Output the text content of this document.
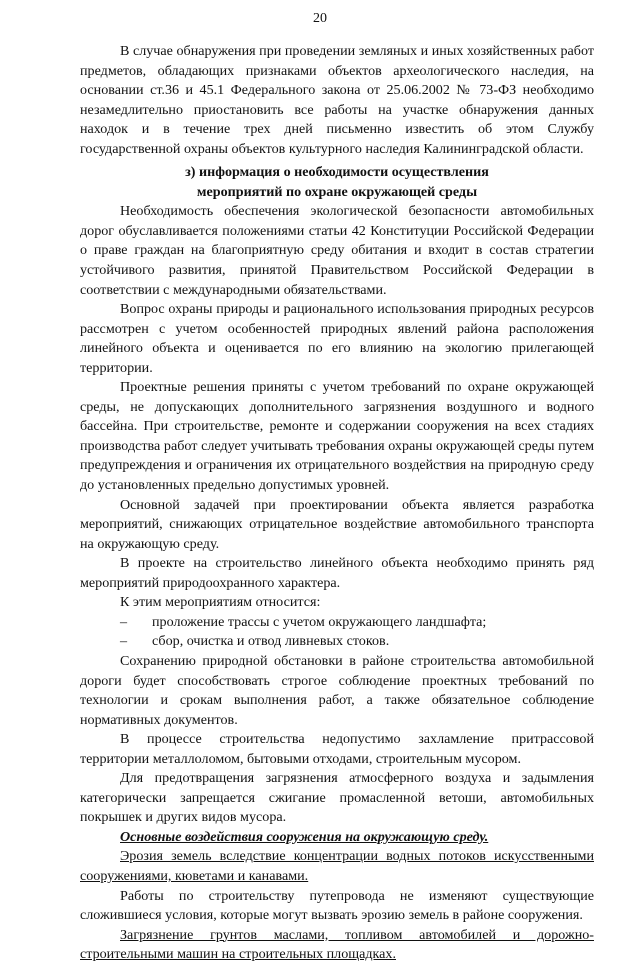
20

В случае обнаружения при проведении земляных и иных хозяйственных работ предметов, обладающих признаками объектов археологического наследия, на основании ст.36 и 45.1 Федерального закона от 25.06.2002 № 73-ФЗ необходимо незамедлительно приостановить все работы на участке обнаружения данных находок и в течение трех дней письменно известить об этом Службу государственной охраны объектов культурного наследия Калининградской области.

з) информация о необходимости осуществления

мероприятий по охране окружающей среды

Необходимость обеспечения экологической безопасности автомобильных дорог обуславливается положениями статьи 42 Конституции Российской Федерации о праве граждан на благоприятную среду обитания и входит в состав стратегии устойчивого развития, принятой Правительством Российской Федерации в соответствии с международными обязательствами.

Вопрос охраны природы и рационального использования природных ресурсов рассмотрен с учетом особенностей природных явлений района расположения линейного объекта и оценивается по его влиянию на экологию прилегающей территории.

Проектные решения приняты с учетом требований по охране окружающей среды, не допускающих дополнительного загрязнения воздушного и водного бассейна. При строительстве, ремонте и содержании сооружения на всех стадиях производства работ следует учитывать требования охраны окружающей среды путем предупреждения и ограничения их отрицательного воздействия на природную среду до установленных предельно допустимых уровней.

Основной задачей при проектировании объекта является разработка мероприятий, снижающих отрицательное воздействие автомобильного транспорта на окружающую среду.

В проекте на строительство линейного объекта необходимо принять ряд мероприятий природоохранного характера.

К этим мероприятиям относится:

– проложение трассы с учетом окружающего ландшафта;

– сбор, очистка и отвод ливневых стоков.

Сохранению природной обстановки в районе строительства автомобильной дороги будет способствовать строгое соблюдение проектных требований по технологии и срокам выполнения работ, а также обязательное соблюдение нормативных документов.

В процессе строительства недопустимо захламление притрассовой территории металлоломом, бытовыми отходами, строительным мусором.

Для предотвращения загрязнения атмосферного воздуха и задымления категорически запрещается сжигание промасленной ветоши, автомобильных покрышек и других видов мусора.

Основные воздействия сооружения на окружающую среду.

Эрозия земель вследствие концентрации водных потоков искусственными сооружениями, кюветами и канавами.

Работы по строительству путепровода не изменяют существующие сложившиеся условия, которые могут вызвать эрозию земель в районе сооружения.

Загрязнение грунтов маслами, топливом автомобилей и дорожно-строительными машин на строительных площадках.
